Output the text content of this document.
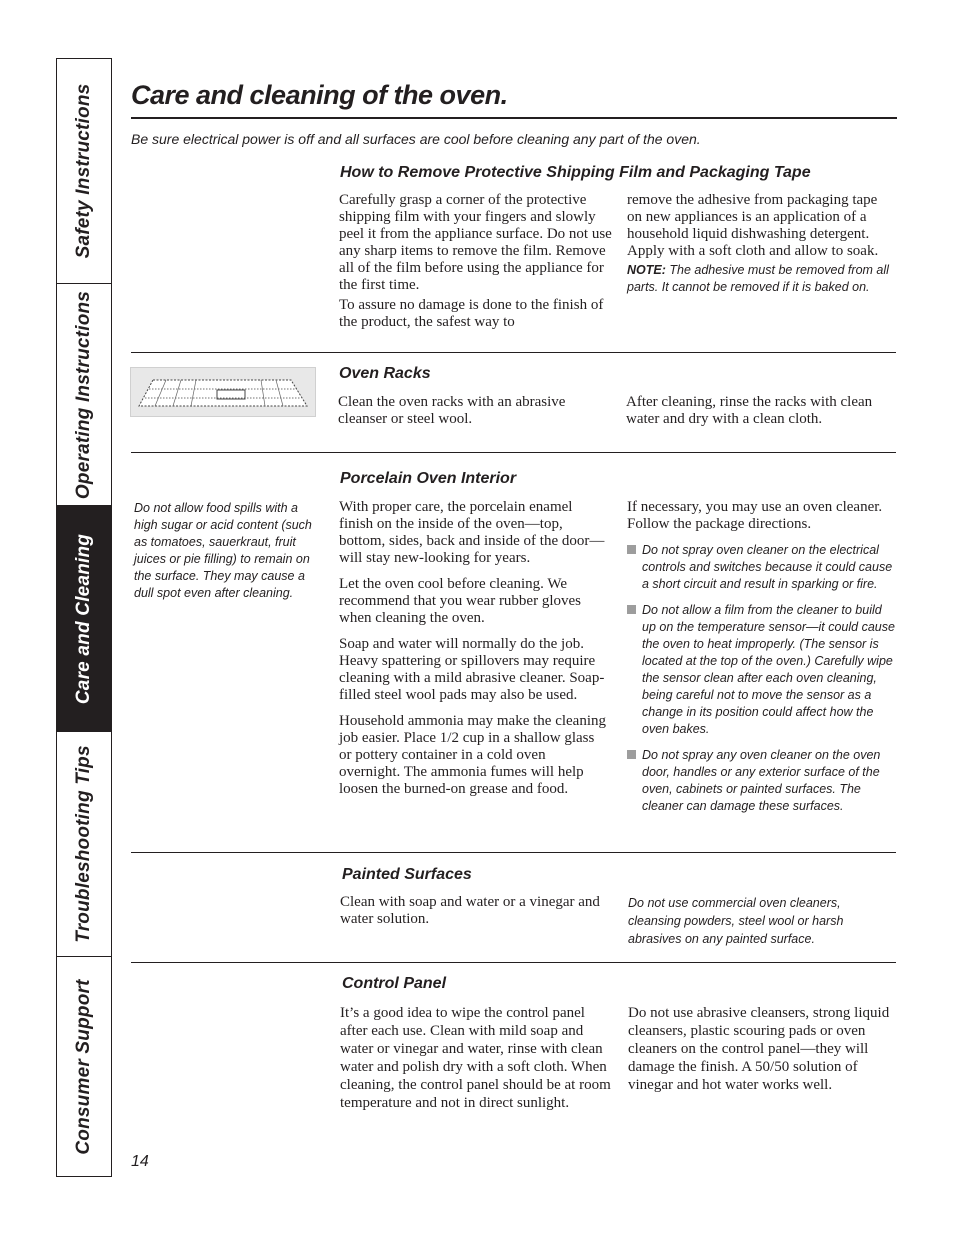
Safety Instructions
Operating Instructions
Care and Cleaning
Troubleshooting Tips
Consumer Support
Care and cleaning of the oven.
Be sure electrical power is off and all surfaces are cool before cleaning any part of the oven.
How to Remove Protective Shipping Film and Packaging Tape

Carefully grasp a corner of the protective shipping film with your fingers and slowly peel it from the appliance surface. Do not use any sharp items to remove the film. Remove all of the film before using the appliance for the first time.

To assure no damage is done to the finish of the product, the safest way to

remove the adhesive from packaging tape on new appliances is an application of a household liquid dishwashing detergent. Apply with a soft cloth and allow to soak.

NOTE: The adhesive must be removed from all parts. It cannot be removed if it is baked on.
Oven Racks

Clean the oven racks with an abrasive cleanser or steel wool.

After cleaning, rinse the racks with clean water and dry with a clean cloth.

Do not allow food spills with a high sugar or acid content (such as tomatoes, sauerkraut, fruit juices or pie filling) to remain on the surface. They may cause a dull spot even after cleaning.
Porcelain Oven Interior

With proper care, the porcelain enamel finish on the inside of the oven—top, bottom, sides, back and inside of the door—will stay new-looking for years.

Let the oven cool before cleaning. We recommend that you wear rubber gloves when cleaning the oven.

Soap and water will normally do the job. Heavy spattering or spillovers may require cleaning with a mild abrasive cleaner. Soap-filled steel wool pads may also be used.

Household ammonia may make the cleaning job easier. Place 1/2 cup in a shallow glass or pottery container in a cold oven overnight. The ammonia fumes will help loosen the burned-on grease and food.

If necessary, you may use an oven cleaner. Follow the package directions.

Do not spray oven cleaner on the electrical controls and switches because it could cause a short circuit and result in sparking or fire.
Do not allow a film from the cleaner to build up on the temperature sensor—it could cause the oven to heat improperly. (The sensor is located at the top of the oven.) Carefully wipe the sensor clean after each oven cleaning, being careful not to move the sensor as a change in its position could affect how the oven bakes.
Do not spray any oven cleaner on the oven door, handles or any exterior surface of the oven, cabinets or painted surfaces. The cleaner can damage these surfaces.
Painted Surfaces

Clean with soap and water or a vinegar and water solution.

Do not use commercial oven cleaners, cleansing powders, steel wool or harsh abrasives on any painted surface.
Control Panel

It’s a good idea to wipe the control panel after each use. Clean with mild soap and water or vinegar and water, rinse with clean water and polish dry with a soft cloth. When cleaning, the control panel should be at room temperature and not in direct sunlight.

Do not use abrasive cleansers, strong liquid cleansers, plastic scouring pads or oven cleaners on the control panel—they will damage the finish. A 50/50 solution of vinegar and hot water works well.

14
